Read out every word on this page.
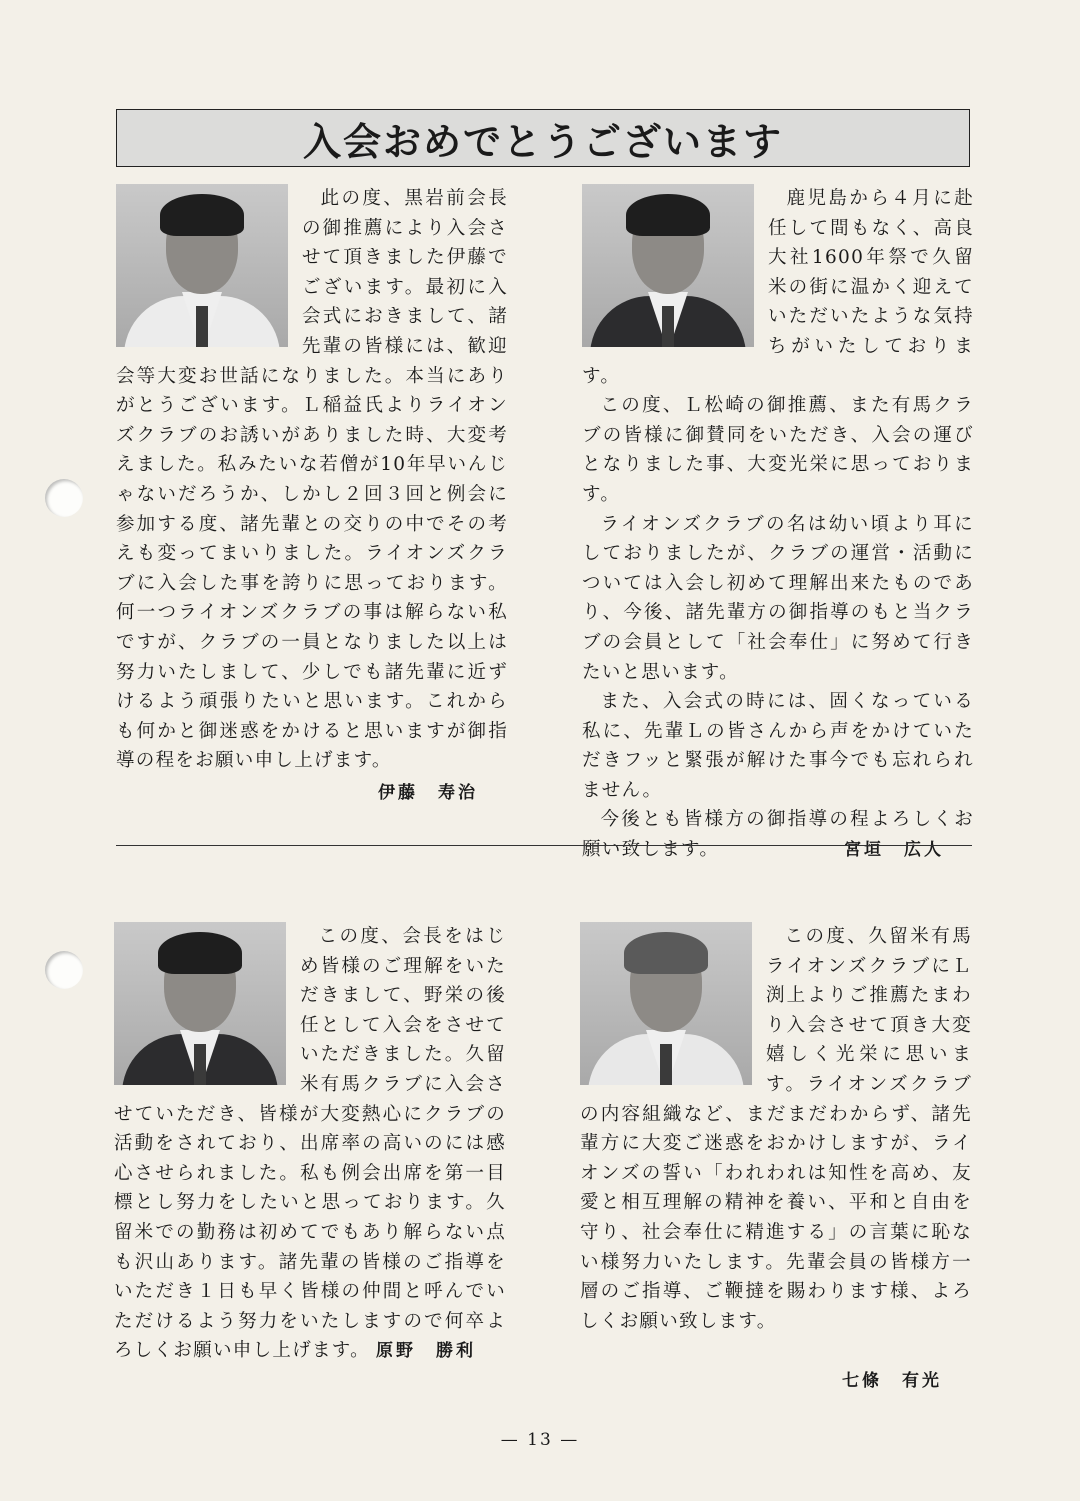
入会おめでとうございます

此の度、黒岩前会長の御推薦により入会させて頂きました伊藤でございます。最初に入会式におきまして、諸先輩の皆様には、歓迎会等大変お世話になりました。本当にありがとうございます。Ｌ稲益氏よりライオンズクラブのお誘いがありました時、大変考えました。私みたいな若僧が10年早いんじゃないだろうか、しかし２回３回と例会に参加する度、諸先輩との交りの中でその考えも変ってまいりました。ライオンズクラブに入会した事を誇りに思っております。何一つライオンズクラブの事は解らない私ですが、クラブの一員となりました以上は努力いたしまして、少しでも諸先輩に近ずけるよう頑張りたいと思います。これからも何かと御迷惑をかけると思いますが御指導の程をお願い申し上げます。

伊藤　寿治

鹿児島から４月に赴任して間もなく、高良大社1600年祭で久留米の街に温かく迎えていただいたような気持ちがいたしております。

この度、Ｌ松崎の御推薦、また有馬クラブの皆様に御賛同をいただき、入会の運びとなりました事、大変光栄に思っております。

ライオンズクラブの名は幼い頃より耳にしておりましたが、クラブの運営・活動については入会し初めて理解出来たものであり、今後、諸先輩方の御指導のもと当クラブの会員として「社会奉仕」に努めて行きたいと思います。

また、入会式の時には、固くなっている私に、先輩Ｌの皆さんから声をかけていただきフッと緊張が解けた事今でも忘れられません。

今後とも皆様方の御指導の程よろしくお願い致します。	宮垣　広人

この度、会長をはじめ皆様のご理解をいただきまして、野栄の後任として入会をさせていただきました。久留米有馬クラブに入会させていただき、皆様が大変熱心にクラブの活動をされており、出席率の高いのには感心させられました。私も例会出席を第一目標とし努力をしたいと思っております。久留米での勤務は初めてでもあり解らない点も沢山あります。諸先輩の皆様のご指導をいただき１日も早く皆様の仲間と呼んでいただけるよう努力をいたしますので何卒よろしくお願い申し上げます。 原野　勝利

この度、久留米有馬ライオンズクラブにＬ渕上よりご推薦たまわり入会させて頂き大変嬉しく光栄に思います。ライオンズクラブの内容組織など、まだまだわからず、諸先輩方に大変ご迷惑をおかけしますが、ライオンズの誓い「われわれは知性を高め、友愛と相互理解の精神を養い、平和と自由を守り、社会奉仕に精進する」の言葉に恥ない様努力いたします。先輩会員の皆様方一層のご指導、ご鞭撻を賜わります様、よろしくお願い致します。

七條　有光
— 13 —
